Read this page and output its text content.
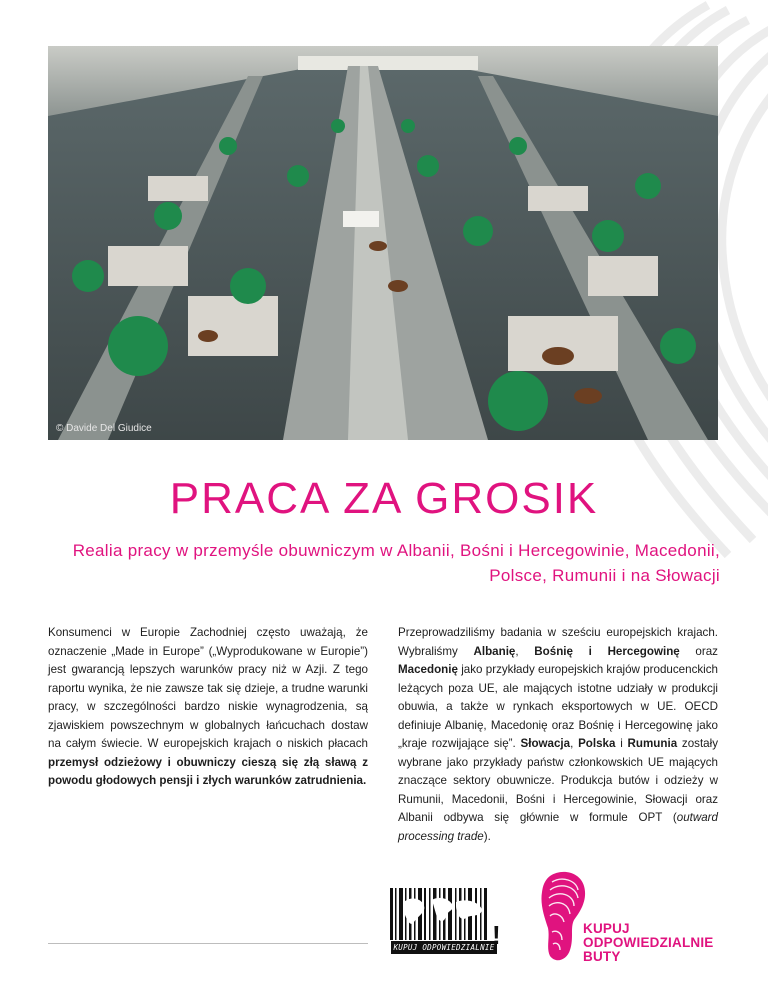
© Davide Del Giudice
PRACA ZA GROSIK
Realia pracy w przemyśle obuwniczym w Albanii, Bośni i Hercegowinie, Macedonii, Polsce, Rumunii i na Słowacji
Konsumenci w Europie Zachodniej często uważają, że oznaczenie „Made in Europe” („Wyprodukowane w Europie”) jest gwarancją lepszych warunków pracy niż w Azji. Z tego raportu wynika, że nie zawsze tak się dzieje, a trudne warunki pracy, w szczególności bardzo niskie wynagrodzenia, są zjawiskiem powszechnym w globalnych łańcuchach dostaw na całym świecie. W europejskich krajach o niskich płacach przemysł odzieżowy i obuwniczy cieszą się złą sławą z powodu głodowych pensji i złych warunków zatrudnienia.
Przeprowadziliśmy badania w sześciu europejskich krajach. Wybraliśmy Albanię, Bośnię i Hercegowinę oraz Macedonię jako przykłady europejskich krajów producenckich leżących poza UE, ale mających istotne udziały w produkcji obuwia, a także w rynkach eksportowych w UE. OECD definiuje Albanię, Macedonię oraz Bośnię i Hercegowinę jako „kraje rozwijające się”. Słowacja, Polska i Rumunia zostały wybrane jako przykłady państw członkowskich UE mających znaczące sektory obuwnicze. Produkcja butów i odzieży w Rumunii, Macedonii, Bośni i Hercegowinie, Słowacji oraz Albanii odbywa się głównie w formule OPT (outward processing trade).
KUPUJ ODPOWIEDZIALNIE
!	KUPUJ
ODPOWIEDZIALNIE
BUTY
